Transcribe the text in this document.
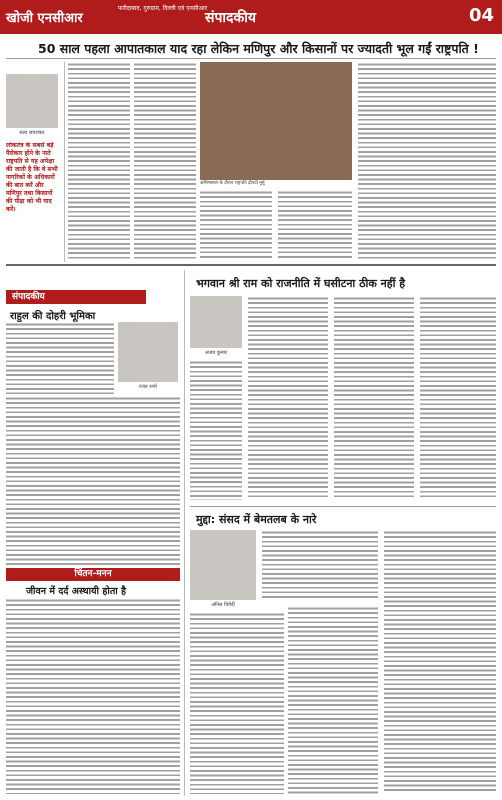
खोजी एनसीआर
फरीदाबाद, गुरुग्राम, दिल्ली एवं एनसीआर
संपादकीय	04
50 साल पहला आपातकाल याद रहा लेकिन मणिपुर और किसानों पर ज्यादती भूल गईं राष्ट्रपति !
सत्य जयशंकर
लोकतंत्र के सबसे बड़े पैरोकार होने के नाते राष्ट्रपति से यह अपेक्षा की जाती है कि वे सभी नागरिकों के अधिकारों की बात करें और मणिपुर तथा किसानों की पीड़ा को भी याद करें।
अभिभाषण के दौरान राष्ट्रपति द्रौपदी मुर्मू
संपादकीय
राहुल की दोहरी भूमिका
रजत शर्मा
चिंतन-मनन
जीवन में दर्द अस्थायी होता है
भगवान श्री राम को राजनीति में घसीटना ठीक नहीं है
अजय कुमार
मुद्दा: संसद में बेमतलब के नारे
अनिल त्रिवेदी
